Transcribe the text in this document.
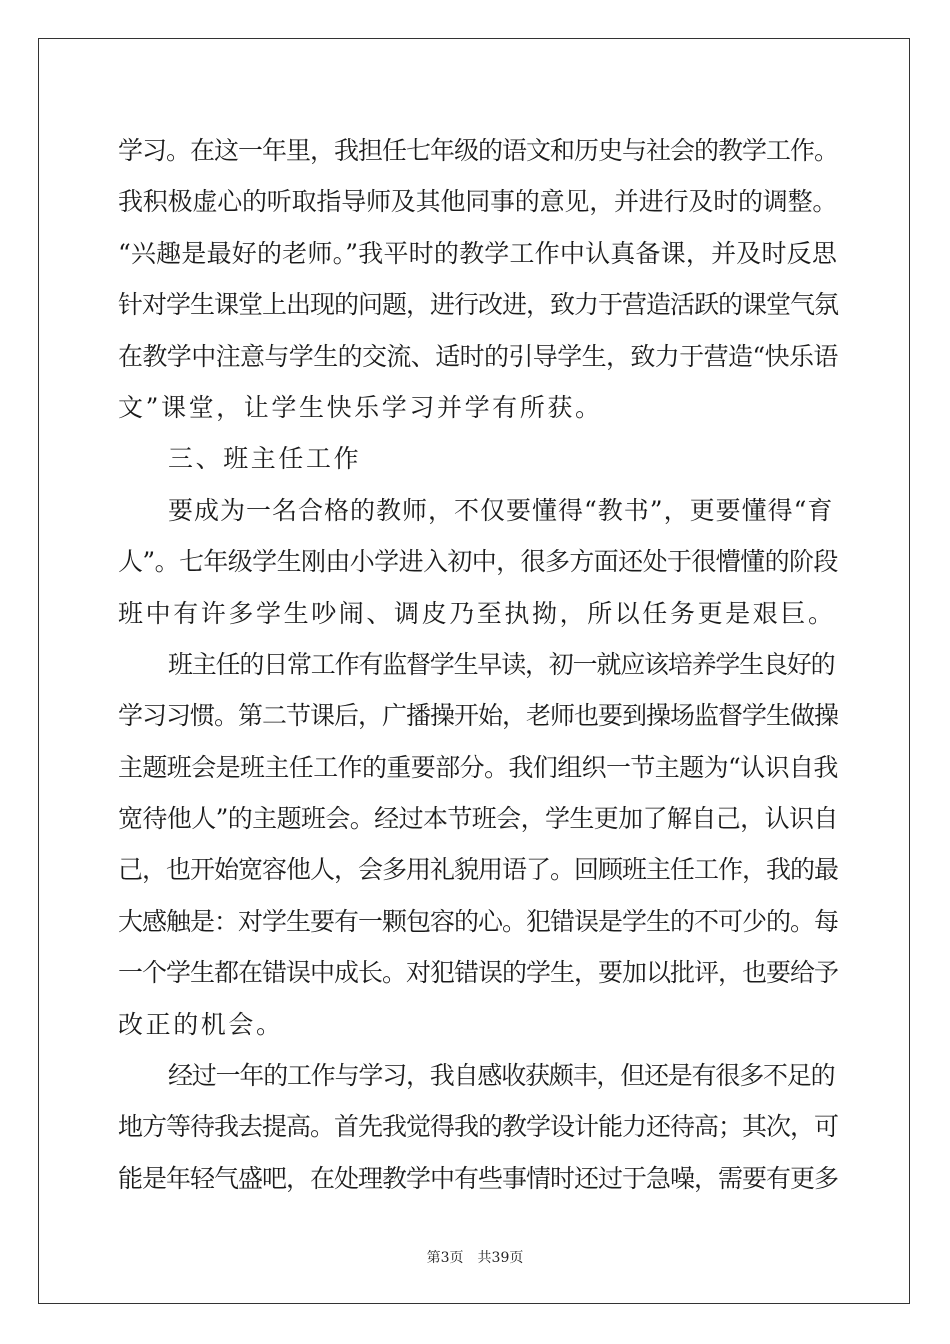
学习。在这一年里，我担任七年级的语文和历史与社会的教学工作。
我积极虚心的听取指导师及其他同事的意见，并进行及时的调整。
“兴趣是最好的老师。”我平时的教学工作中认真备课，并及时反思
针对学生课堂上出现的问题，进行改进，致力于营造活跃的课堂气氛
在教学中注意与学生的交流、适时的引导学生，致力于营造“快乐语
文”课堂，让学生快乐学习并学有所获。
三、班主任工作
要成为一名合格的教师，不仅要懂得“教书”，更要懂得“育
人”。七年级学生刚由小学进入初中，很多方面还处于很懵懂的阶段
班中有许多学生吵闹、调皮乃至执拗，所以任务更是艰巨。
班主任的日常工作有监督学生早读，初一就应该培养学生良好的
学习习惯。第二节课后，广播操开始，老师也要到操场监督学生做操
主题班会是班主任工作的重要部分。我们组织一节主题为“认识自我
宽待他人”的主题班会。经过本节班会，学生更加了解自己，认识自
己，也开始宽容他人，会多用礼貌用语了。回顾班主任工作，我的最
大感触是：对学生要有一颗包容的心。犯错误是学生的不可少的。每
一个学生都在错误中成长。对犯错误的学生，要加以批评，也要给予
改正的机会。
经过一年的工作与学习，我自感收获颇丰，但还是有很多不足的
地方等待我去提高。首先我觉得我的教学设计能力还待高；其次，可
能是年轻气盛吧，在处理教学中有些事情时还过于急噪，需要有更多
第3页 共39页
